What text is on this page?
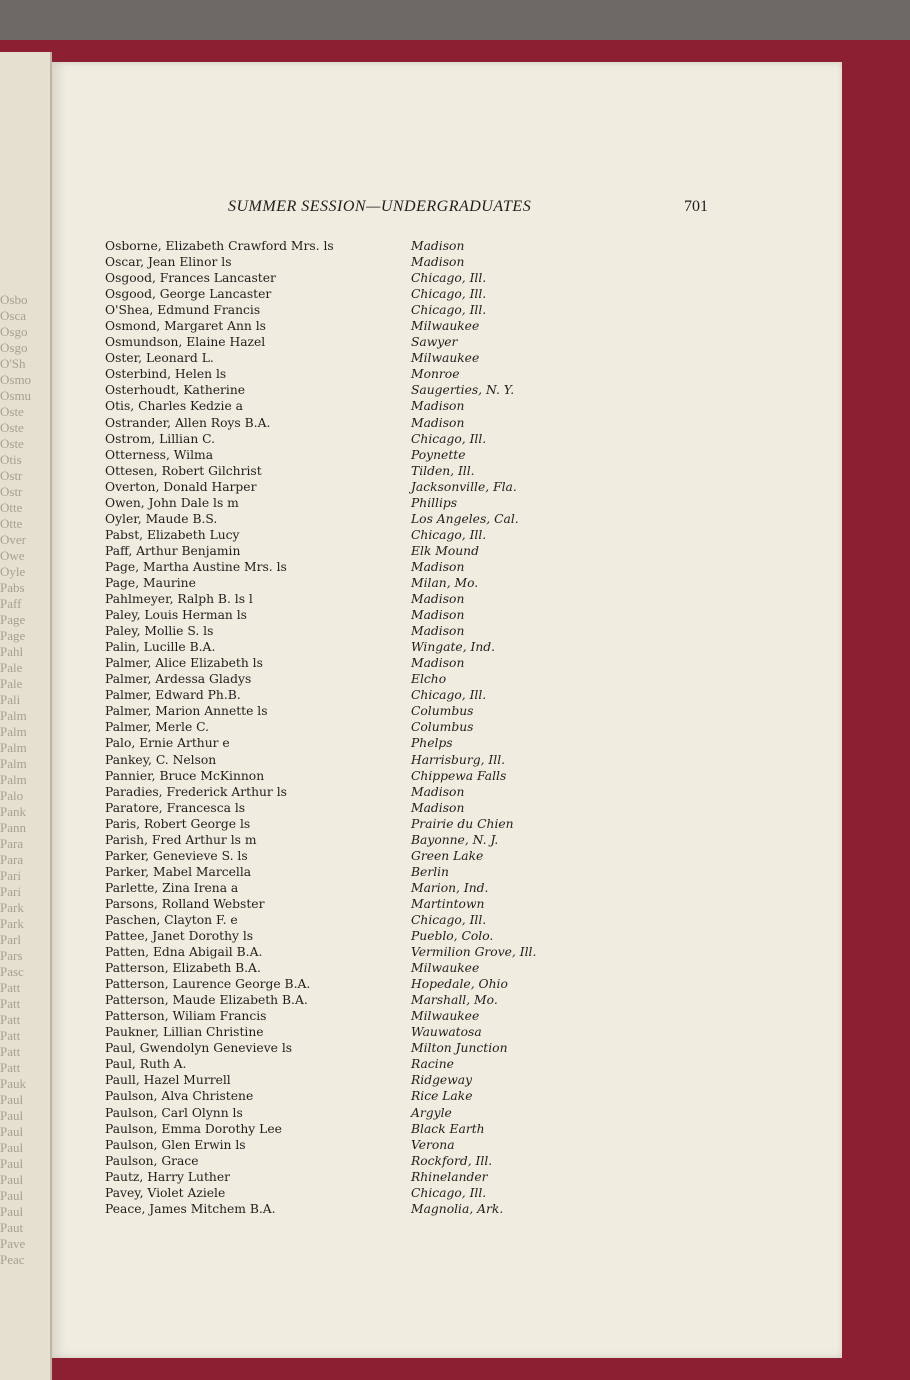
Osbo
Osca
Osgo
Osgo
O'Sh
Osmo
Osmu
Oste
Oste
Oste
Otis
Ostr
Ostr
Otte
Otte
Over
Owe
Oyle
Pabs
Paff
Page
Page
Pahl
Pale
Pale
Pali
Palm
Palm
Palm
Palm
Palm
Palo
Pank
Pann
Para
Para
Pari
Pari
Park
Park
Parl
Pars
Pasc
Patt
Patt
Patt
Patt
Patt
Patt
Pauk
Paul
Paul
Paul
Paul
Paul
Paul
Paul
Paul
Paut
Pave
Peac
SUMMER SESSION—UNDERGRADUATES	701
Osborne, Elizabeth Crawford Mrs. ls	Madison
Oscar, Jean Elinor ls	Madison
Osgood, Frances Lancaster	Chicago, Ill.
Osgood, George Lancaster	Chicago, Ill.
O'Shea, Edmund Francis	Chicago, Ill.
Osmond, Margaret Ann ls	Milwaukee
Osmundson, Elaine Hazel	Sawyer
Oster, Leonard L.	Milwaukee
Osterbind, Helen ls	Monroe
Osterhoudt, Katherine	Saugerties, N. Y.
Otis, Charles Kedzie a	Madison
Ostrander, Allen Roys B.A.	Madison
Ostrom, Lillian C.	Chicago, Ill.
Otterness, Wilma	Poynette
Ottesen, Robert Gilchrist	Tilden, Ill.
Overton, Donald Harper	Jacksonville, Fla.
Owen, John Dale ls m	Phillips
Oyler, Maude B.S.	Los Angeles, Cal.
Pabst, Elizabeth Lucy	Chicago, Ill.
Paff, Arthur Benjamin	Elk Mound
Page, Martha Austine Mrs. ls	Madison
Page, Maurine	Milan, Mo.
Pahlmeyer, Ralph B. ls l	Madison
Paley, Louis Herman ls	Madison
Paley, Mollie S. ls	Madison
Palin, Lucille B.A.	Wingate, Ind.
Palmer, Alice Elizabeth ls	Madison
Palmer, Ardessa Gladys	Elcho
Palmer, Edward Ph.B.	Chicago, Ill.
Palmer, Marion Annette ls	Columbus
Palmer, Merle C.	Columbus
Palo, Ernie Arthur e	Phelps
Pankey, C. Nelson	Harrisburg, Ill.
Pannier, Bruce McKinnon	Chippewa Falls
Paradies, Frederick Arthur ls	Madison
Paratore, Francesca ls	Madison
Paris, Robert George ls	Prairie du Chien
Parish, Fred Arthur ls m	Bayonne, N. J.
Parker, Genevieve S. ls	Green Lake
Parker, Mabel Marcella	Berlin
Parlette, Zina Irena a	Marion, Ind.
Parsons, Rolland Webster	Martintown
Paschen, Clayton F. e	Chicago, Ill.
Pattee, Janet Dorothy ls	Pueblo, Colo.
Patten, Edna Abigail B.A.	Vermilion Grove, Ill.
Patterson, Elizabeth B.A.	Milwaukee
Patterson, Laurence George B.A.	Hopedale, Ohio
Patterson, Maude Elizabeth B.A.	Marshall, Mo.
Patterson, Wiliam Francis	Milwaukee
Paukner, Lillian Christine	Wauwatosa
Paul, Gwendolyn Genevieve ls	Milton Junction
Paul, Ruth A.	Racine
Paull, Hazel Murrell	Ridgeway
Paulson, Alva Christene	Rice Lake
Paulson, Carl Olynn ls	Argyle
Paulson, Emma Dorothy Lee	Black Earth
Paulson, Glen Erwin ls	Verona
Paulson, Grace	Rockford, Ill.
Pautz, Harry Luther	Rhinelander
Pavey, Violet Aziele	Chicago, Ill.
Peace, James Mitchem B.A.	Magnolia, Ark.
